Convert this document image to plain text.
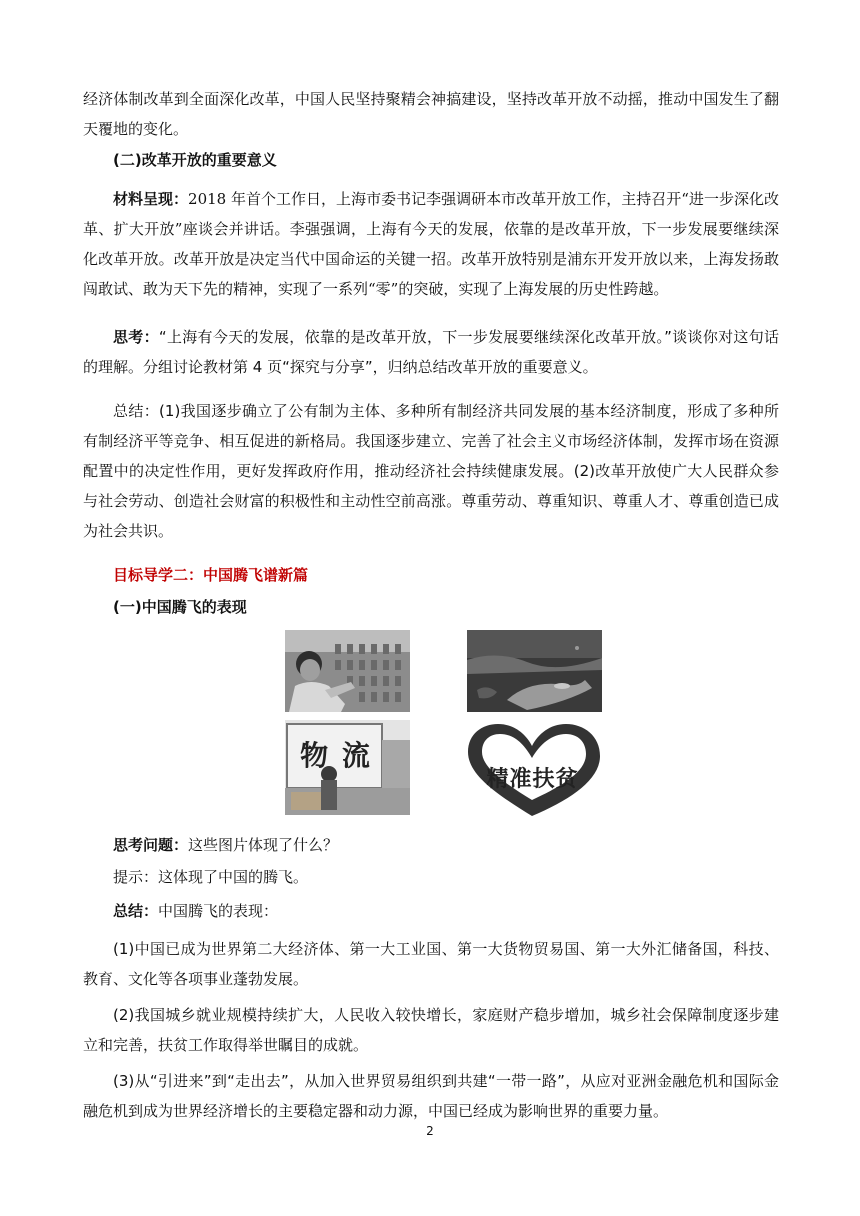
经济体制改革到全面深化改革，中国人民坚持聚精会神搞建设，坚持改革开放不动摇，推动中国发生了翻天覆地的变化。

(二)改革开放的重要意义

材料呈现：2018 年首个工作日，上海市委书记李强调研本市改革开放工作，主持召开“进一步深化改革、扩大开放”座谈会并讲话。李强强调，上海有今天的发展，依靠的是改革开放，下一步发展要继续深化改革开放。改革开放是决定当代中国命运的关键一招。改革开放特别是浦东开发开放以来，上海发扬敢闯敢试、敢为天下先的精神，实现了一系列“零”的突破，实现了上海发展的历史性跨越。

思考：“上海有今天的发展，依靠的是改革开放，下一步发展要继续深化改革开放。”谈谈你对这句话的理解。分组讨论教材第 4 页“探究与分享”，归纳总结改革开放的重要意义。

总结：(1)我国逐步确立了公有制为主体、多种所有制经济共同发展的基本经济制度，形成了多种所有制经济平等竞争、相互促进的新格局。我国逐步建立、完善了社会主义市场经济体制，发挥市场在资源配置中的决定性作用，更好发挥政府作用，推动经济社会持续健康发展。(2)改革开放使广大人民群众参与社会劳动、创造社会财富的积极性和主动性空前高涨。尊重劳动、尊重知识、尊重人才、尊重创造已成为社会共识。

目标导学二：中国腾飞谱新篇

(一)中国腾飞的表现

物 流
精准扶贫

思考问题：这些图片体现了什么？

提示：这体现了中国的腾飞。

总结：中国腾飞的表现：

(1)中国已成为世界第二大经济体、第一大工业国、第一大货物贸易国、第一大外汇储备国，科技、教育、文化等各项事业蓬勃发展。

(2)我国城乡就业规模持续扩大，人民收入较快增长，家庭财产稳步增加，城乡社会保障制度逐步建立和完善，扶贫工作取得举世瞩目的成就。

(3)从“引进来”到“走出去”，从加入世界贸易组织到共建“一带一路”，从应对亚洲金融危机和国际金融危机到成为世界经济增长的主要稳定器和动力源，中国已经成为影响世界的重要力量。

2
